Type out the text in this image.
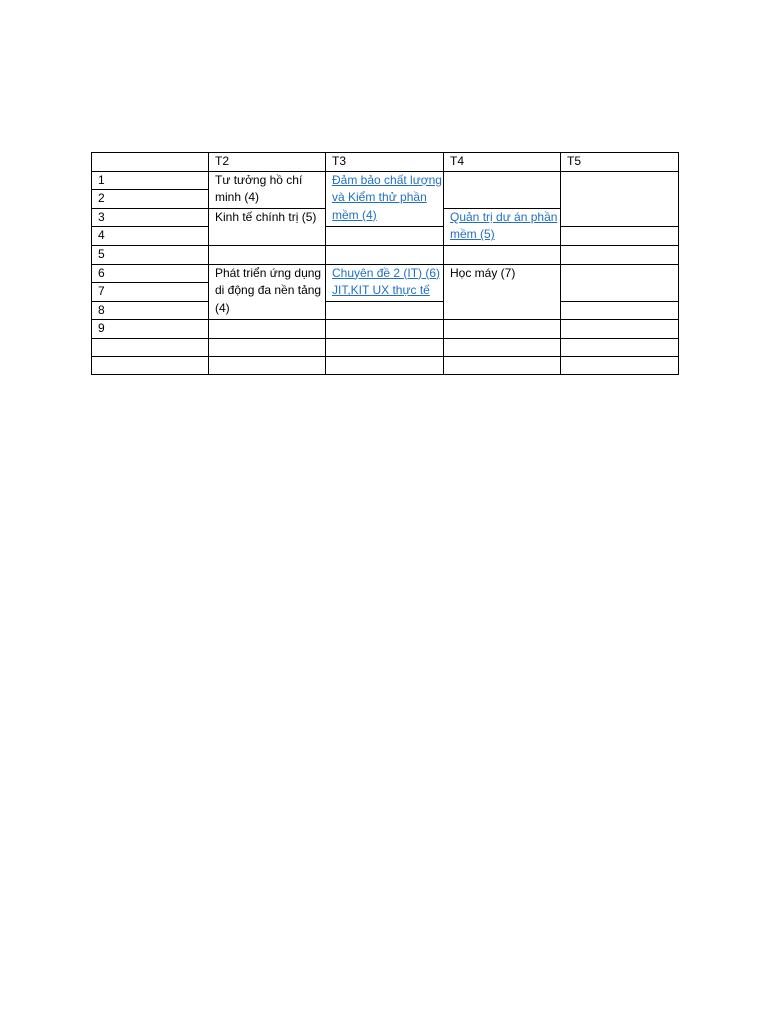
	T2	T3	T4	T5
1	Tư tưởng hồ chí minh (4)	Đảm bảo chất lượng và Kiểm thử phần mềm (4)		

2				
3	Kinh tế chính trị (5)		Quản trị dư án phần mềm (5)	

4				
5				
6	Phát triển ứng dụng di động đa nền tảng (4)	Chuyên đề 2 (IT) (6) JIT,KIT UX thực tế	Học máy (7)	

7				

8				
9				
